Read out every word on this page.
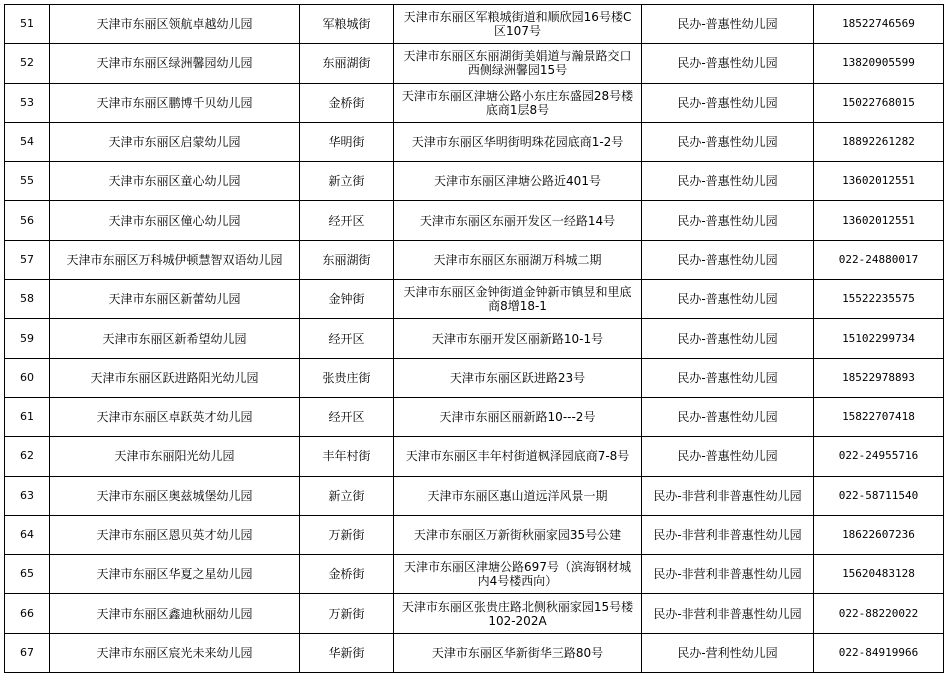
51	天津市东丽区领航卓越幼儿园	军粮城街	天津市东丽区军粮城街道和顺欣园16号楼C区107号	民办-普惠性幼儿园	18522746569
52	天津市东丽区绿洲馨园幼儿园	东丽湖街	天津市东丽区东丽湖街美娟道与瀚景路交口西侧绿洲馨园15号	民办-普惠性幼儿园	13820905599
53	天津市东丽区鹏博千贝幼儿园	金桥街	天津市东丽区津塘公路小东庄东盛园28号楼底商1层8号	民办-普惠性幼儿园	15022768015
54	天津市东丽区启蒙幼儿园	华明街	天津市东丽区华明街明珠花园底商1-2号	民办-普惠性幼儿园	18892261282
55	天津市东丽区童心幼儿园	新立街	天津市东丽区津塘公路近401号	民办-普惠性幼儿园	13602012551
56	天津市东丽区僮心幼儿园	经开区	天津市东丽区东丽开发区一经路14号	民办-普惠性幼儿园	13602012551
57	天津市东丽区万科城伊顿慧智双语幼儿园	东丽湖街	天津市东丽区东丽湖万科城二期	民办-普惠性幼儿园	022-24880017
58	天津市东丽区新蕾幼儿园	金钟街	天津市东丽区金钟街道金钟新市镇昱和里底商8增18-1	民办-普惠性幼儿园	15522235575
59	天津市东丽区新希望幼儿园	经开区	天津市东丽开发区丽新路10-1号	民办-普惠性幼儿园	15102299734
60	天津市东丽区跃进路阳光幼儿园	张贵庄街	天津市东丽区跃进路23号	民办-普惠性幼儿园	18522978893
61	天津市东丽区卓跃英才幼儿园	经开区	天津市东丽区丽新路10---2号	民办-普惠性幼儿园	15822707418
62	天津市东丽阳光幼儿园	丰年村街	天津市东丽区丰年村街道枫泽园底商7-8号	民办-普惠性幼儿园	022-24955716
63	天津市东丽区奥兹城堡幼儿园	新立街	天津市东丽区惠山道远洋风景一期	民办-非营利非普惠性幼儿园	022-58711540
64	天津市东丽区恩贝英才幼儿园	万新街	天津市东丽区万新街秋丽家园35号公建	民办-非营利非普惠性幼儿园	18622607236
65	天津市东丽区华夏之星幼儿园	金桥街	天津市东丽区津塘公路697号（滨海钢材城内4号楼西向）	民办-非营利非普惠性幼儿园	15620483128
66	天津市东丽区鑫迪秋丽幼儿园	万新街	天津市东丽区张贵庄路北侧秋丽家园15号楼102-202A	民办-非营利非普惠性幼儿园	022-88220022
67	天津市东丽区宸光未来幼儿园	华新街	天津市东丽区华新街华三路80号	民办-营利性幼儿园	022-84919966
